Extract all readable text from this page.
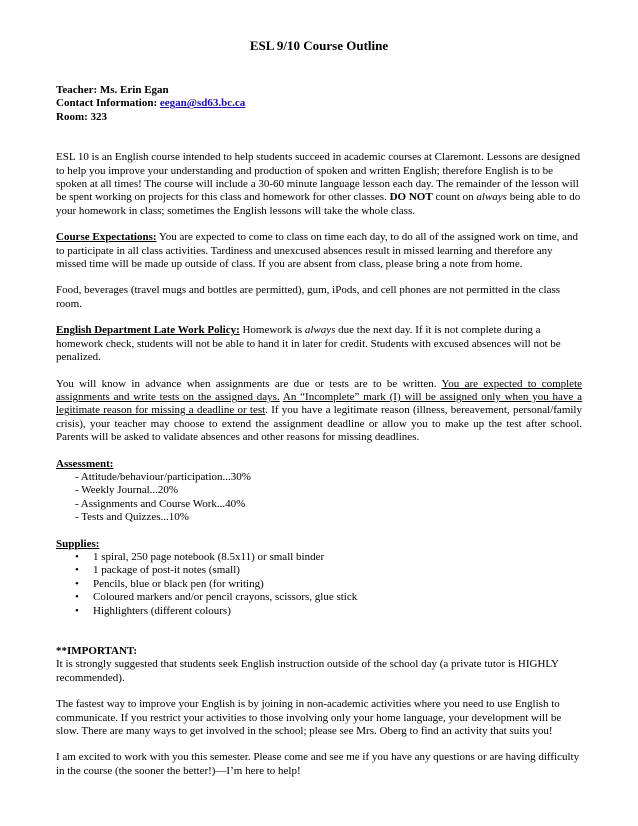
ESL 9/10 Course Outline
Teacher: Ms. Erin Egan
Contact Information: eegan@sd63.bc.ca
Room: 323

ESL 10 is an English course intended to help students succeed in academic courses at Claremont. Lessons are designed to help you improve your understanding and production of spoken and written English; therefore English is to be spoken at all times! The course will include a 30-60 minute language lesson each day. The remainder of the lesson will be spent working on projects for this class and homework for other classes. DO NOT count on always being able to do your homework in class; sometimes the English lessons will take the whole class.

Course Expectations: You are expected to come to class on time each day, to do all of the assigned work on time, and to participate in all class activities. Tardiness and unexcused absences result in missed learning and therefore any missed time will be made up outside of class. If you are absent from class, please bring a note from home.

Food, beverages (travel mugs and bottles are permitted), gum, iPods, and cell phones are not permitted in the class room.

English Department Late Work Policy: Homework is always due the next day. If it is not complete during a homework check, students will not be able to hand it in later for credit. Students with excused absences will not be penalized.

You will know in advance when assignments are due or tests are to be written. You are expected to complete assignments and write tests on the assigned days. An “Incomplete” mark (I) will be assigned only when you have a legitimate reason for missing a deadline or test. If you have a legitimate reason (illness, bereavement, personal/family crisis), your teacher may choose to extend the assignment deadline or allow you to make up the test after school. Parents will be asked to validate absences and other reasons for missing deadlines.

Assessment:
- Attitude/behaviour/participation...30%
- Weekly Journal...20%
- Assignments and Course Work...40%
- Tests and Quizzes...10%
Supplies:
• 1 spiral, 250 page notebook (8.5x11) or small binder
• 1 package of post-it notes (small)
• Pencils, blue or black pen (for writing)
• Coloured markers and/or pencil crayons, scissors, glue stick
• Highlighters (different colours)
**IMPORTANT:

It is strongly suggested that students seek English instruction outside of the school day (a private tutor is HIGHLY recommended).

The fastest way to improve your English is by joining in non-academic activities where you need to use English to communicate. If you restrict your activities to those involving only your home language, your development will be slow. There are many ways to get involved in the school; please see Mrs. Oberg to find an activity that suits you!

I am excited to work with you this semester. Please come and see me if you have any questions or are having difficulty in the course (the sooner the better!)—I’m here to help!
